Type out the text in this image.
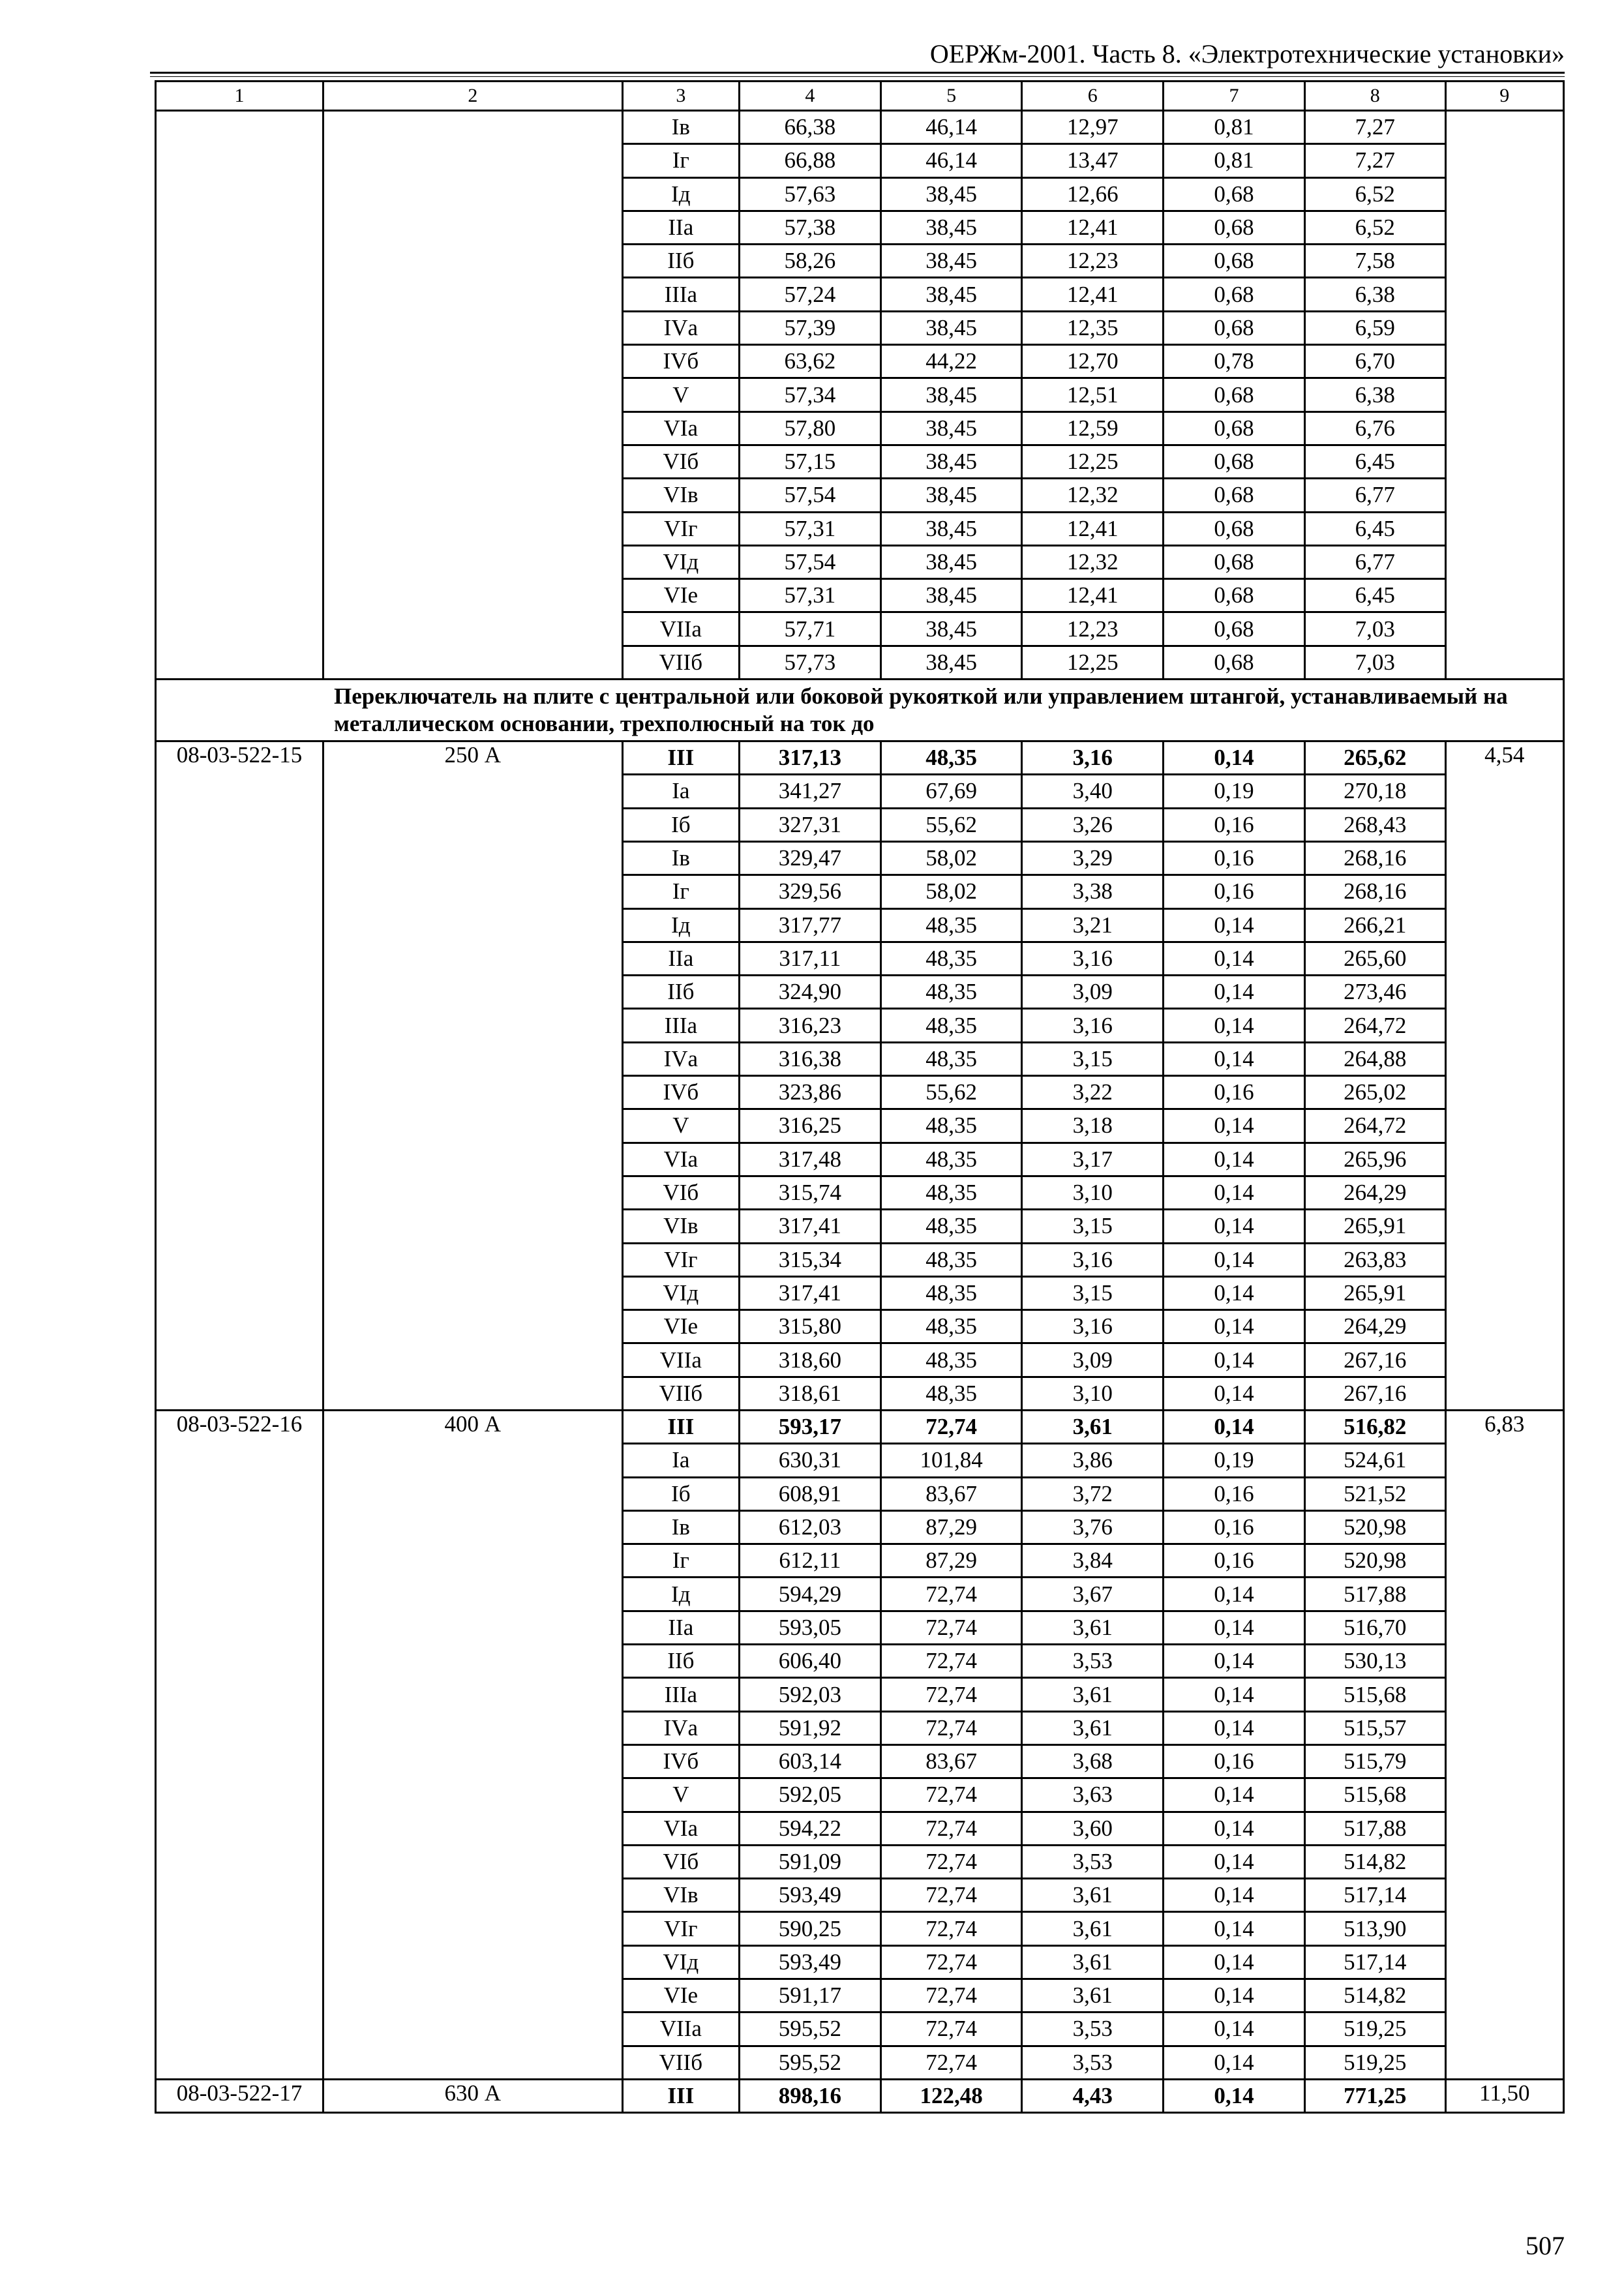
ОЕРЖм-2001. Часть 8. «Электротехнические установки»
1	2	3	4	5	6	7	8	9
		Iв	66,38	46,14	12,97	0,81	7,27	
		Iг	66,88	46,14	13,47	0,81	7,27	
		Iд	57,63	38,45	12,66	0,68	6,52	
		IIа	57,38	38,45	12,41	0,68	6,52	
		IIб	58,26	38,45	12,23	0,68	7,58	
		IIIа	57,24	38,45	12,41	0,68	6,38	
		IVа	57,39	38,45	12,35	0,68	6,59	
		IVб	63,62	44,22	12,70	0,78	6,70	
		V	57,34	38,45	12,51	0,68	6,38	
		VIа	57,80	38,45	12,59	0,68	6,76	
		VIб	57,15	38,45	12,25	0,68	6,45	
		VIв	57,54	38,45	12,32	0,68	6,77	
		VIг	57,31	38,45	12,41	0,68	6,45	
		VIд	57,54	38,45	12,32	0,68	6,77	
		VIе	57,31	38,45	12,41	0,68	6,45	
		VIIа	57,71	38,45	12,23	0,68	7,03	
		VIIб	57,73	38,45	12,25	0,68	7,03	
Переключатель на плите с центральной или боковой рукояткой или управлением штангой, устанавливаемый на металлическом основании, трехполюсный на ток до								
08-03-522-15	250 А	III	317,13	48,35	3,16	0,14	265,62	4,54
		Iа	341,27	67,69	3,40	0,19	270,18	
		Iб	327,31	55,62	3,26	0,16	268,43	
		Iв	329,47	58,02	3,29	0,16	268,16	
		Iг	329,56	58,02	3,38	0,16	268,16	
		Iд	317,77	48,35	3,21	0,14	266,21	
		IIа	317,11	48,35	3,16	0,14	265,60	
		IIб	324,90	48,35	3,09	0,14	273,46	
		IIIа	316,23	48,35	3,16	0,14	264,72	
		IVа	316,38	48,35	3,15	0,14	264,88	
		IVб	323,86	55,62	3,22	0,16	265,02	
		V	316,25	48,35	3,18	0,14	264,72	
		VIа	317,48	48,35	3,17	0,14	265,96	
		VIб	315,74	48,35	3,10	0,14	264,29	
		VIв	317,41	48,35	3,15	0,14	265,91	
		VIг	315,34	48,35	3,16	0,14	263,83	
		VIд	317,41	48,35	3,15	0,14	265,91	
		VIе	315,80	48,35	3,16	0,14	264,29	
		VIIа	318,60	48,35	3,09	0,14	267,16	
		VIIб	318,61	48,35	3,10	0,14	267,16	
08-03-522-16	400 А	III	593,17	72,74	3,61	0,14	516,82	6,83
		Iа	630,31	101,84	3,86	0,19	524,61	
		Iб	608,91	83,67	3,72	0,16	521,52	
		Iв	612,03	87,29	3,76	0,16	520,98	
		Iг	612,11	87,29	3,84	0,16	520,98	
		Iд	594,29	72,74	3,67	0,14	517,88	
		IIа	593,05	72,74	3,61	0,14	516,70	
		IIб	606,40	72,74	3,53	0,14	530,13	
		IIIа	592,03	72,74	3,61	0,14	515,68	
		IVа	591,92	72,74	3,61	0,14	515,57	
		IVб	603,14	83,67	3,68	0,16	515,79	
		V	592,05	72,74	3,63	0,14	515,68	
		VIа	594,22	72,74	3,60	0,14	517,88	
		VIб	591,09	72,74	3,53	0,14	514,82	
		VIв	593,49	72,74	3,61	0,14	517,14	
		VIг	590,25	72,74	3,61	0,14	513,90	
		VIд	593,49	72,74	3,61	0,14	517,14	
		VIе	591,17	72,74	3,61	0,14	514,82	
		VIIа	595,52	72,74	3,53	0,14	519,25	
		VIIб	595,52	72,74	3,53	0,14	519,25	
08-03-522-17	630 А	III	898,16	122,48	4,43	0,14	771,25	11,50
507
